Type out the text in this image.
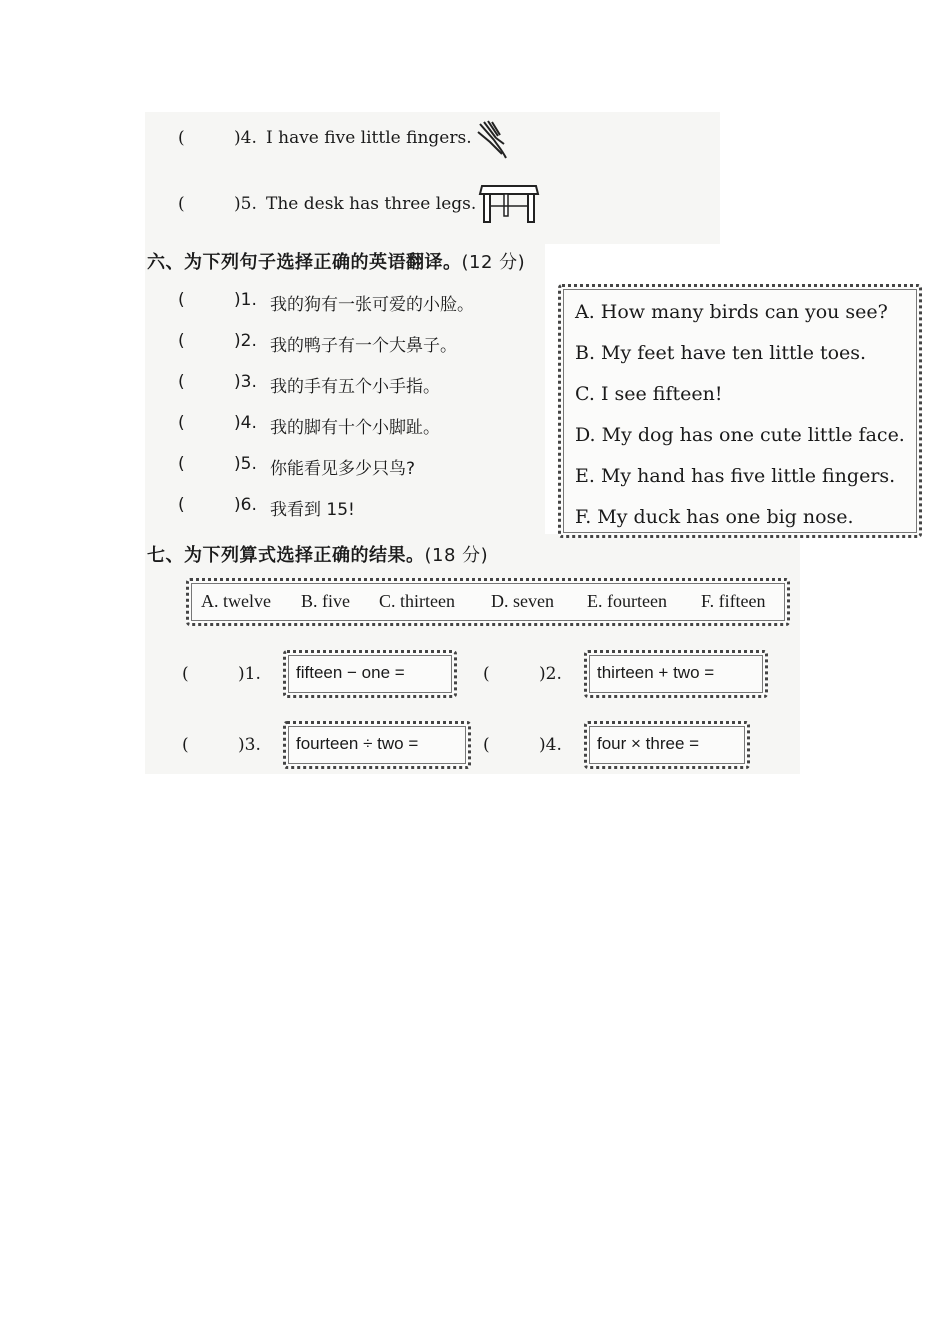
(	)4. I have five little fingers.
(	)5. The desk has three legs.
六、为下列句子选择正确的英语翻译。(12 分)
(	)1. 我的狗有一张可爱的小脸。
(	)2. 我的鸭子有一个大鼻子。
(	)3. 我的手有五个小手指。
(	)4. 我的脚有十个小脚趾。
(	)5. 你能看见多少只鸟?
(	)6. 我看到 15!
A. How many birds can you see?
B. My feet have ten little toes.
C. I see fifteen!
D. My dog has one cute little face.
E. My hand has five little fingers.
F. My duck has one big nose.
七、为下列算式选择正确的结果。(18 分)
A. twelve B. five C. thirteen D. seven E. fourteen F. fifteen
(	)1. fifteen − one =	(	)2. thirteen + two =
(	)3. fourteen ÷ two =	(	)4. four × three =
